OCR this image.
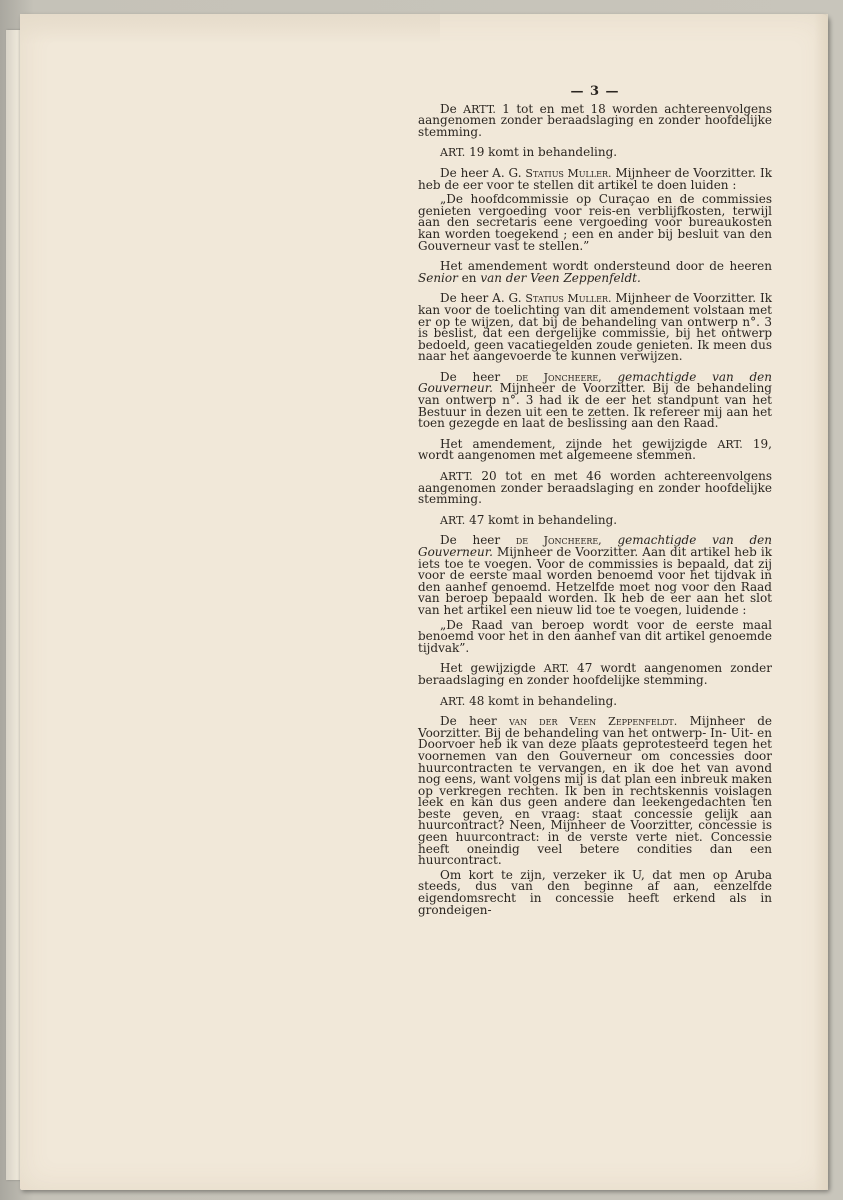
— 3 —
De ARTT. 1 tot en met 18 worden achtereenvolgens aangenomen zonder beraadslaging en zonder hoofdelijke stemming.
ART. 19 komt in behandeling.
De heer A. G. Statius Muller. Mijnheer de Voorzitter. Ik heb de eer voor te stellen dit artikel te doen luiden :
„De hoofdcommissie op Curaçao en de commissies genieten vergoeding voor reis-en verblijfkosten, terwijl aan den secretaris eene vergoeding voor bureaukosten kan worden toegekend ; een en ander bij besluit van den Gouverneur vast te stellen.”
Het amendement wordt ondersteund door de heeren Senior en van der Veen Zeppenfeldt.
De heer A. G. Statius Muller. Mijnheer de Voorzitter. Ik kan voor de toelichting van dit amendement volstaan met er op te wijzen, dat bij de behandeling van ontwerp n°. 3 is beslist, dat een dergelijke commissie, bij het ontwerp bedoeld, geen vacatiegelden zoude genieten. Ik meen dus naar het aangevoerde te kunnen verwijzen.
De heer de Joncheere, gemachtigde van den Gouverneur. Mijnheer de Voorzitter. Bij de behandeling van ontwerp n°. 3 had ik de eer het standpunt van het Bestuur in dezen uit een te zetten. Ik refereer mij aan het toen gezegde en laat de beslissing aan den Raad.
Het amendement, zijnde het gewijzigde ART. 19, wordt aangenomen met algemeene stemmen.
ARTT. 20 tot en met 46 worden achtereenvolgens aangenomen zonder beraadslaging en zonder hoofdelijke stemming.
ART. 47 komt in behandeling.
De heer de Joncheere, gemachtigde van den Gouverneur. Mijnheer de Voorzitter. Aan dit artikel heb ik iets toe te voegen. Voor de commissies is bepaald, dat zij voor de eerste maal worden benoemd voor het tijdvak in den aanhef genoemd. Hetzelfde moet nog voor den Raad van beroep bepaald worden. Ik heb de eer aan het slot van het artikel een nieuw lid toe te voegen, luidende :
„De Raad van beroep wordt voor de eerste maal benoemd voor het in den aanhef van dit artikel genoemde tijdvak”.
Het gewijzigde ART. 47 wordt aangenomen zonder beraadslaging en zonder hoofdelijke stemming.
ART. 48 komt in behandeling.
De heer van der Veen Zeppenfeldt. Mijnheer de Voorzitter. Bij de behandeling van het ontwerp- In- Uit- en Doorvoer heb ik van deze plaats geprotesteerd tegen het voornemen van den Gouverneur om concessies door huurcontracten te vervangen, en ik doe het van avond nog eens, want volgens mij is dat plan een inbreuk maken op verkregen rechten. Ik ben in rechtskennis voislagen leek en kan dus geen andere dan leekengedachten ten beste geven, en vraag: staat concessie gelijk aan huurcontract? Neen, Mijnheer de Voorzitter, concessie is geen huurcontract: in de verste verte niet. Concessie heeft oneindig veel betere condities dan een huurcontract.
Om kort te zijn, verzeker ik U, dat men op Aruba steeds, dus van den beginne af aan, eenzelfde eigendomsrecht in concessie heeft erkend als in grondeigen-
